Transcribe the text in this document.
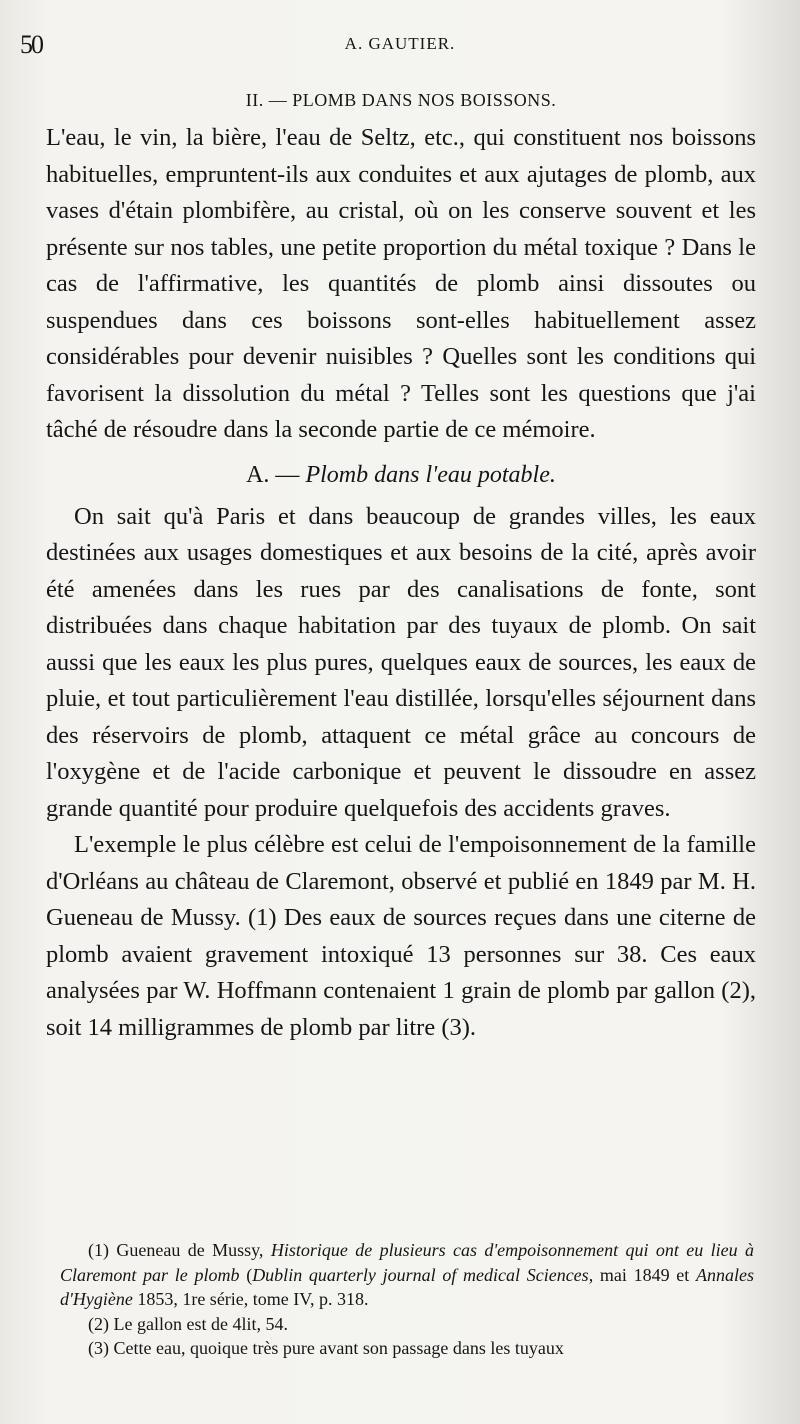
50	A. GAUTIER.
II. — PLOMB DANS NOS BOISSONS.

L'eau, le vin, la bière, l'eau de Seltz, etc., qui constituent nos boissons habituelles, empruntent-ils aux conduites et aux ajutages de plomb, aux vases d'étain plombifère, au cristal, où on les conserve souvent et les présente sur nos tables, une petite proportion du métal toxique ? Dans le cas de l'affirmative, les quantités de plomb ainsi dissoutes ou suspendues dans ces boissons sont-elles habituellement assez considérables pour devenir nuisibles ? Quelles sont les conditions qui favorisent la dissolution du métal ? Telles sont les questions que j'ai tâché de résoudre dans la seconde partie de ce mémoire.

A. — Plomb dans l'eau potable.

On sait qu'à Paris et dans beaucoup de grandes villes, les eaux destinées aux usages domestiques et aux besoins de la cité, après avoir été amenées dans les rues par des canalisations de fonte, sont distribuées dans chaque habitation par des tuyaux de plomb. On sait aussi que les eaux les plus pures, quelques eaux de sources, les eaux de pluie, et tout particulièrement l'eau distillée, lorsqu'elles séjournent dans des réservoirs de plomb, attaquent ce métal grâce au concours de l'oxygène et de l'acide carbonique et peuvent le dissoudre en assez grande quantité pour produire quelquefois des accidents graves.

L'exemple le plus célèbre est celui de l'empoisonnement de la famille d'Orléans au château de Claremont, observé et publié en 1849 par M. H. Gueneau de Mussy. (1) Des eaux de sources reçues dans une citerne de plomb avaient gravement intoxiqué 13 personnes sur 38. Ces eaux analysées par W. Hoffmann contenaient 1 grain de plomb par gallon (2), soit 14 milligrammes de plomb par litre (3).

(1) Gueneau de Mussy, Historique de plusieurs cas d'empoisonnement qui ont eu lieu à Claremont par le plomb (Dublin quarterly journal of medical Sciences, mai 1849 et Annales d'Hygiène 1853, 1re série, tome IV, p. 318.

(2) Le gallon est de 4lit, 54.

(3) Cette eau, quoique très pure avant son passage dans les tuyaux
